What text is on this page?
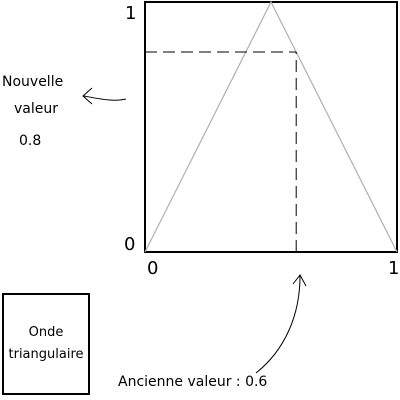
1
0
0	1
Nouvelle
valeur
0.8
Ancienne valeur : 0.6
Onde
triangulaire
